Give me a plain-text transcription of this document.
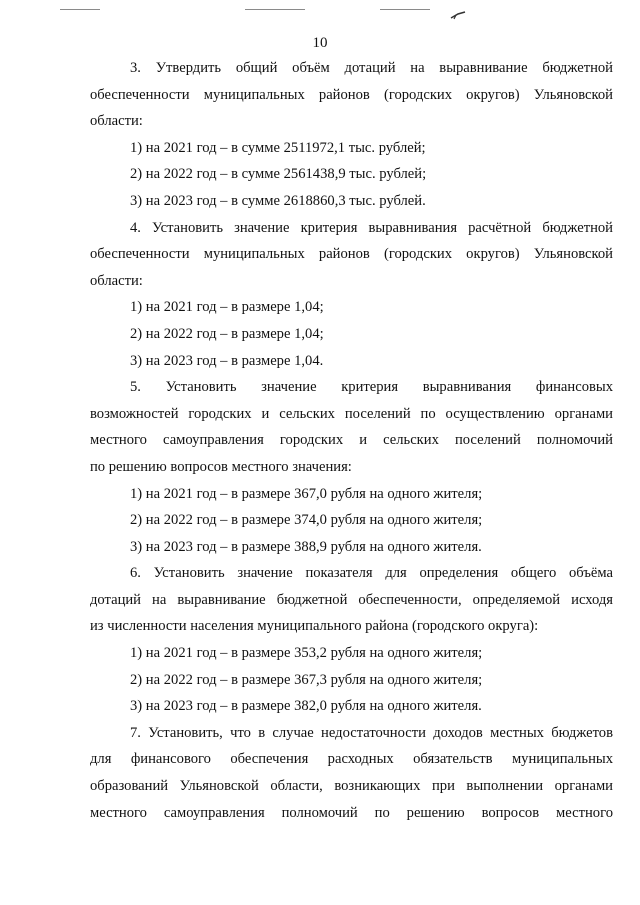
10
3. Утвердить общий объём дотаций на выравнивание бюджетной
обеспеченности муниципальных районов (городских округов) Ульяновской
области:
1) на 2021 год – в сумме 2511972,1 тыс. рублей;
2) на 2022 год – в сумме 2561438,9 тыс. рублей;
3) на 2023 год – в сумме 2618860,3 тыс. рублей.
4. Установить значение критерия выравнивания расчётной бюджетной
обеспеченности муниципальных районов (городских округов) Ульяновской
области:
1) на 2021 год – в размере 1,04;
2) на 2022 год – в размере 1,04;
3) на 2023 год – в размере 1,04.
5. Установить значение критерия выравнивания финансовых
возможностей городских и сельских поселений по осуществлению органами
местного самоуправления городских и сельских поселений полномочий
по решению вопросов местного значения:
1) на 2021 год – в размере 367,0 рубля на одного жителя;
2) на 2022 год – в размере 374,0 рубля на одного жителя;
3) на 2023 год – в размере 388,9 рубля на одного жителя.
6. Установить значение показателя для определения общего объёма
дотаций на выравнивание бюджетной обеспеченности, определяемой исходя
из численности населения муниципального района (городского округа):
1) на 2021 год – в размере 353,2 рубля на одного жителя;
2) на 2022 год – в размере 367,3 рубля на одного жителя;
3) на 2023 год – в размере 382,0 рубля на одного жителя.
7. Установить, что в случае недостаточности доходов местных бюджетов
для финансового обеспечения расходных обязательств муниципальных
образований Ульяновской области, возникающих при выполнении органами
местного самоуправления полномочий по решению вопросов местного
